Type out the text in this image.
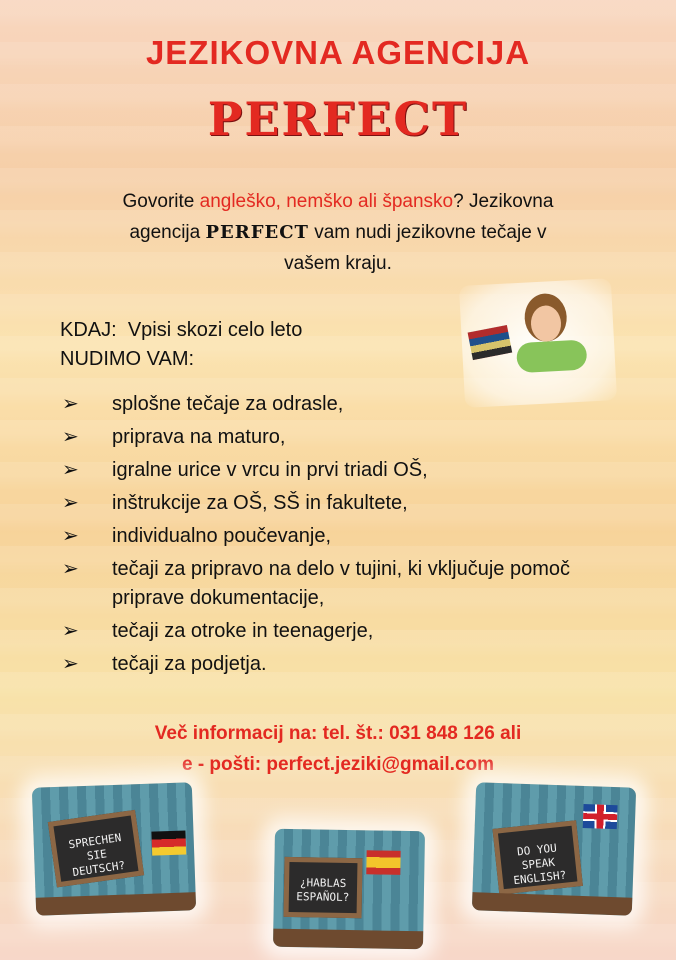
JEZIKOVNA AGENCIJA
PERFECT
Govorite angleško, nemško ali špansko? Jezikovna
agencija PERFECT vam nudi jezikovne tečaje v
vašem kraju.
KDAJ: Vpisi skozi celo leto
NUDIMO VAM:
➢ splošne tečaje za odrasle,
➢ priprava na maturo,
➢ igralne urice v vrcu in prvi triadi OŠ,
➢ inštrukcije za OŠ, SŠ in fakultete,
➢ individualno poučevanje,
➢ tečaji za pripravo na delo v tujini, ki vključuje pomoč priprave dokumentacije,
➢ tečaji za otroke in teenagerje,
➢ tečaji za podjetja.
Več informacij na: tel. št.: 031 848 126 ali
e - pošti: perfect.jeziki@gmail.com
SPRECHEN SIE DEUTSCH?
¿HABLAS ESPAÑOL?
DO YOU SPEAK ENGLISH?
